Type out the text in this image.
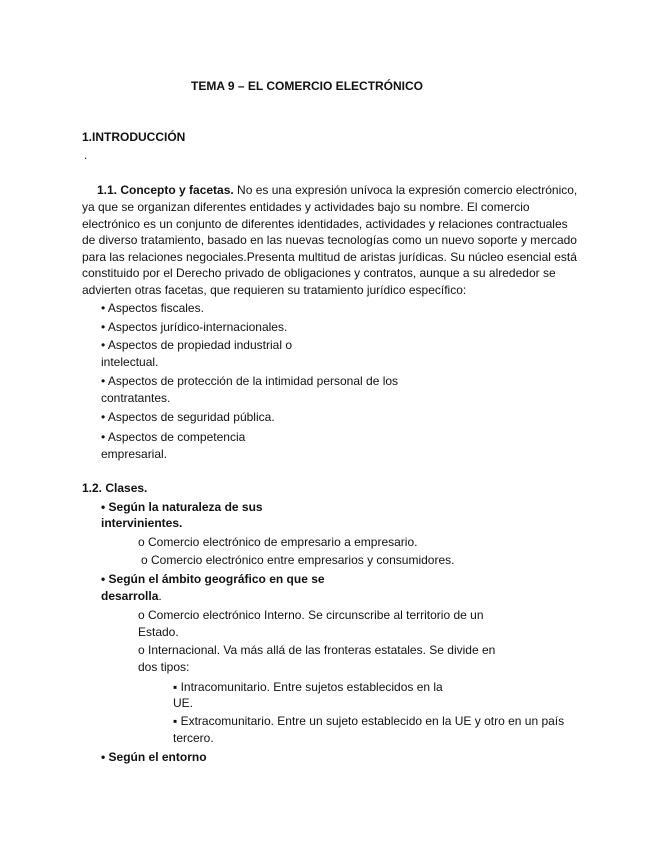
TEMA 9 – EL COMERCIO ELECTRÓNICO
1.INTRODUCCIÓN
.
1.1. Concepto y facetas. No es una expresión unívoca la expresión comercio electrónico,
ya que se organizan diferentes entidades y actividades bajo su nombre. El comercio
electrónico es un conjunto de diferentes identidades, actividades y relaciones contractuales
de diverso tratamiento, basado en las nuevas tecnologías como un nuevo soporte y mercado
para las relaciones negociales.Presenta multitud de aristas jurídicas. Su núcleo esencial está
constituido por el Derecho privado de obligaciones y contratos, aunque a su alrededor se
advierten otras facetas, que requieren su tratamiento jurídico específico:
• Aspectos fiscales.
• Aspectos jurídico-internacionales.
• Aspectos de propiedad industrial o
intelectual.
• Aspectos de protección de la intimidad personal de los
contratantes.
• Aspectos de seguridad pública.
• Aspectos de competencia
empresarial.
1.2. Clases.
• Según la naturaleza de sus
intervinientes.
o Comercio electrónico de empresario a empresario.
o Comercio electrónico entre empresarios y consumidores.
• Según el ámbito geográfico en que se
desarrolla.
o Comercio electrónico Interno. Se circunscribe al territorio de un
Estado.
o Internacional. Va más allá de las fronteras estatales. Se divide en
dos tipos:
▪ Intracomunitario. Entre sujetos establecidos en la
UE.
▪ Extracomunitario. Entre un sujeto establecido en la UE y otro en un país
tercero.
• Según el entorno
